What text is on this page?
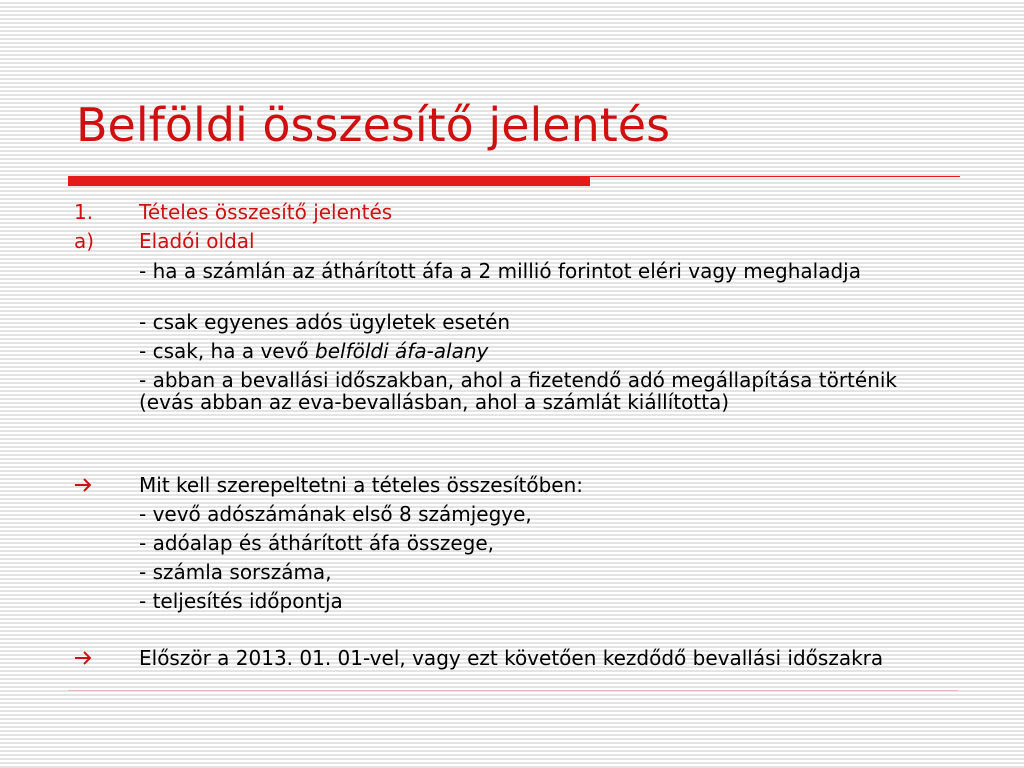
Belföldi összesítő jelentés
1.	Tételes összesítő jelentés
a)	Eladói oldal
- ha a számlán az áthárított áfa a 2 millió forintot eléri vagy meghaladja
- csak egyenes adós ügyletek esetén
- csak, ha a vevő belföldi áfa-alany
- abban a bevallási időszakban, ahol a fizetendő adó megállapítása történik (evás abban az eva-bevallásban, ahol a számlát kiállította)
Mit kell szerepeltetni a tételes összesítőben:
- vevő adószámának első 8 számjegye,
- adóalap és áthárított áfa összege,
- számla sorszáma,
- teljesítés időpontja
Először a 2013. 01. 01-vel, vagy ezt követően kezdődő bevallási időszakra
